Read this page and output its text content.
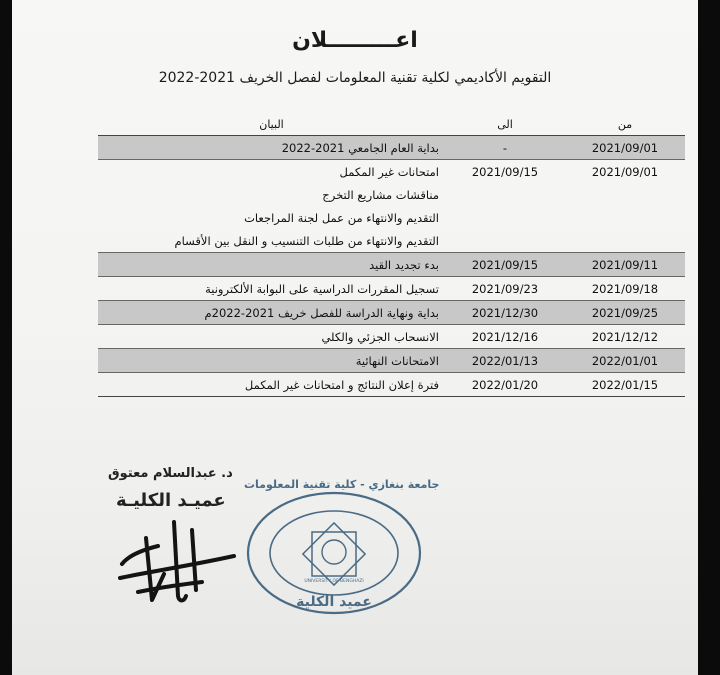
اعـــــــــلان
التقويم الأكاديمي لكلية تقنية المعلومات لفصل الخريف 2021-2022
البيان	الى	من
بداية العام الجامعي 2021-2022	-	2021/09/01
امتحانات غير المكمل	2021/09/15	2021/09/01
مناقشات مشاريع التخرج		
التقديم والانتهاء من عمل لجنة المراجعات		
التقديم والانتهاء من طلبات التنسيب و النقل بين الأقسام		
بدء تجديد القيد	2021/09/15	2021/09/11
تسجيل المقررات الدراسية على البوابة الألكترونية	2021/09/23	2021/09/18
بداية ونهاية الدراسة للفصل خريف 2021-2022م	2021/12/30	2021/09/25
الانسحاب الجزئي والكلي	2021/12/16	2021/12/12
الامتحانات النهائية	2022/01/13	2022/01/01
فترة إعلان النتائج و امتحانات غير المكمل	2022/01/20	2022/01/15
د. عبدالسلام معتوق
عميـد الكليـة
جامعة بنغازي - كلية تقنية المعلومات
UNIVERSITY OF BENGHAZI
عميد الكلية
